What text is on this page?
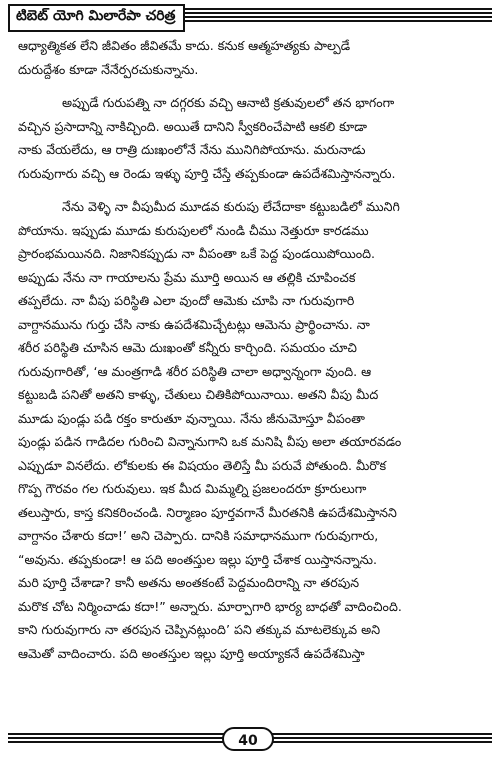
టిబెట్ యోగి మిలారేపా చరిత్ర
ఆధ్యాత్మికత లేని జీవితం జీవితమే కాదు. కనుక ఆత్మహత్యకు పాల్పడే
దురుద్దేశం కూడా నేనేర్పరచుకున్నాను.
అప్పుడే గురుపత్ని నా దగ్గరకు వచ్చి ఆనాటి క్రతువులలో తన భాగంగా
వచ్చిన ప్రసాదాన్ని నాకిచ్చింది. అయితే దానిని స్వీకరించేపాటి ఆకలి కూడా
నాకు వేయలేదు, ఆ రాత్రి దుఃఖంలోనే నేను మునిగిపోయాను. మరునాడు
గురువుగారు వచ్చి ఆ రెండు ఇళ్ళు పూర్తి చేస్తే తప్పకుండా ఉపదేశమిస్తానన్నారు.
నేను వెళ్ళి నా వీపుమీద మూడవ కురుపు లేచేదాకా కట్టుబడిలో మునిగి
పోయాను. ఇప్పుడు మూడు కురుపులలో నుండి చీము నెత్తురూ కారడము
ప్రారంభమయినది. నిజానికప్పుడు నా వీపంతా ఒకే పెద్ద పుండయిపోయింది.
అప్పుడు నేను నా గాయాలను ప్రేమ మూర్తి అయిన ఆ తల్లికి చూపించక
తప్పలేదు. నా వీపు పరిస్థితి ఎలా వుందో ఆమెకు చూపి నా గురువుగారి
వాగ్దానమును గుర్తు చేసి నాకు ఉపదేశమిచ్చేటట్లు ఆమెను ప్రార్థించాను. నా
శరీర పరిస్థితి చూసిన ఆమె దుఃఖంతో కన్నీరు కార్చింది. సమయం చూచి
గురువుగారితో, ‘ఆ మంత్రగాడి శరీర పరిస్థితి చాలా అధ్వాన్నంగా వుంది. ఆ
కట్టుబడి పనితో అతని కాళ్ళు, చేతులు చితికిపోయినాయి. అతని వీపు మీద
మూడు పుండ్లు పడి రక్తం కారుతూ వున్నాయి. నేను జీనుమోస్తూ వీపంతా
పుండ్లు పడిన గాడిదల గురించి విన్నానుగాని ఒక మనిషి వీపు అలా తయారవడం
ఎప్పుడూ వినలేదు. లోకులకు ఈ విషయం తెలిస్తే మీ పరువే పోతుంది. మీరొక
గొప్ప గౌరవం గల గురువులు. ఇక మీద మిమ్మల్ని ప్రజలందరూ క్రూరులుగా
తలుస్తారు, కాస్త కనికరించండి. నిర్మాణం పూర్తవగానే మీరతనికి ఉపదేశమిస్తానని
వాగ్దానం చేశారు కదా!’ అని చెప్పారు. దానికి సమాధానముగా గురువుగారు,
“అవును. తప్పకుండా! ఆ పది అంతస్తుల ఇల్లు పూర్తి చేశాక యిస్తానన్నాను.
మరి పూర్తి చేశాడా? కానీ అతను అంతకంటే పెద్దమందిరాన్ని నా తరపున
మరొక చోట నిర్మించాడు కదా!” అన్నారు. మార్పాగారి భార్య బాధతో వాదించింది.
కాని గురువుగారు నా తరపున చెప్పినట్లుంది’ పని తక్కువ మాటలెక్కువ అని
ఆమెతో వాదించారు. పది అంతస్తుల ఇల్లు పూర్తి అయ్యాకనే ఉపదేశమిస్తా
40
